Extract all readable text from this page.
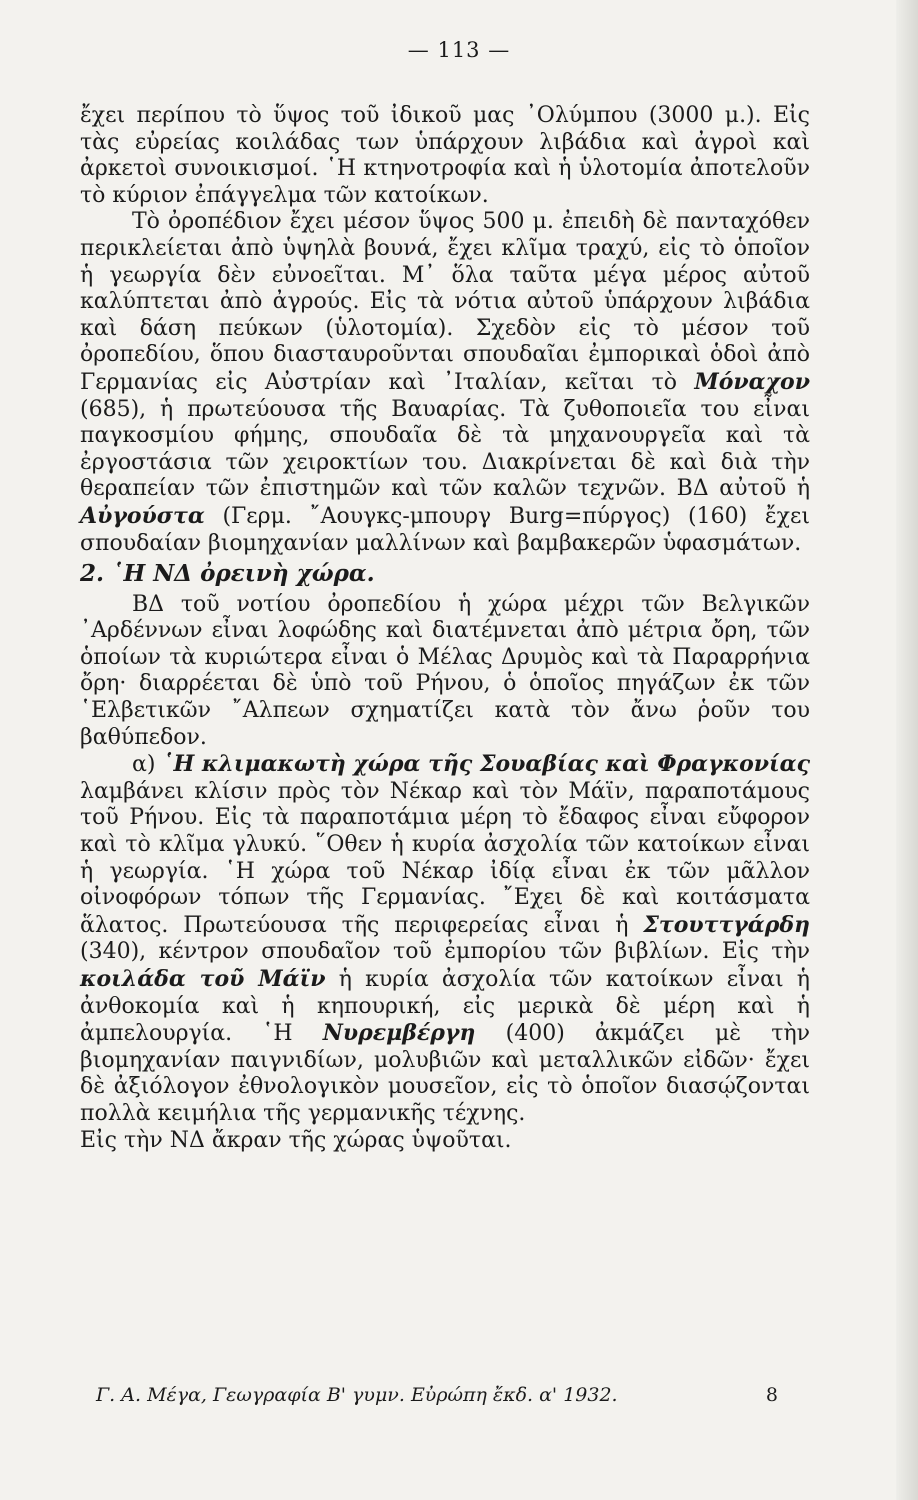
— 113 —

ἔχει περίπου τὸ ὕψος τοῦ ἰδικοῦ μας ᾿Ολύμπου (3000 μ.). Εἰς τὰς εὐρείας κοιλάδας των ὑπάρχουν λιβάδια καὶ ἀγροὶ καὶ ἀρκετοὶ συνοικισμοί. ῾Η κτηνοτροφία καὶ ἡ ὑλοτομία ἀποτελοῦν τὸ κύριον ἐπάγγελμα τῶν κατοίκων.

Τὸ ὀροπέδιον ἔχει μέσον ὕψος 500 μ. ἐπειδὴ δὲ πανταχόθεν περικλείεται ἀπὸ ὑψηλὰ βουνά, ἔχει κλῖμα τραχύ, εἰς τὸ ὁποῖον ἡ γεωργία δὲν εὐνοεῖται. Μ᾿ ὅλα ταῦτα μέγα μέρος αὐτοῦ καλύπτεται ἀπὸ ἀγρούς. Εἰς τὰ νότια αὐτοῦ ὑπάρχουν λιβάδια καὶ δάση πεύκων (ὑλοτομία). Σχεδὸν εἰς τὸ μέσον τοῦ ὀροπεδίου, ὅπου διασταυροῦνται σπουδαῖαι ἐμπορικαὶ ὁδοὶ ἀπὸ Γερμανίας εἰς Αὐστρίαν καὶ ᾿Ιταλίαν, κεῖται τὸ Μόναχον (685), ἡ πρωτεύουσα τῆς Βαυαρίας. Τὰ ζυθοποιεῖα του εἶναι παγκοσμίου φήμης, σπουδαῖα δὲ τὰ μηχανουργεῖα καὶ τὰ ἐργοστάσια τῶν χειροκτίων του. Διακρίνεται δὲ καὶ διὰ τὴν θεραπείαν τῶν ἐπιστημῶν καὶ τῶν καλῶν τεχνῶν. ΒΔ αὐτοῦ ἡ Αὐγούστα (Γερμ. ῎Αουγκς-μπουργ Burg=πύργος) (160) ἔχει σπουδαίαν βιομηχανίαν μαλλίνων καὶ βαμβακερῶν ὑφασμάτων.

2. ῾Η ΝΔ ὀρεινὴ χώρα.

ΒΔ τοῦ νοτίου ὀροπεδίου ἡ χώρα μέχρι τῶν Βελγικῶν ᾿Αρδέννων εἶναι λοφώδης καὶ διατέμνεται ἀπὸ μέτρια ὄρη, τῶν ὁποίων τὰ κυριώτερα εἶναι ὁ Μέλας Δρυμὸς καὶ τὰ Παραρρήνια ὄρη· διαρρέεται δὲ ὑπὸ τοῦ Ρήνου, ὁ ὁποῖος πηγάζων ἐκ τῶν ῾Ελβετικῶν ῎Αλπεων σχηματίζει κατὰ τὸν ἄνω ῥοῦν του βαθύπεδον.

α) ῾Η κλιμακωτὴ χώρα τῆς Σουαβίας καὶ Φραγκονίας λαμβάνει κλίσιν πρὸς τὸν Νέκαρ καὶ τὸν Μάϊν, παραποτάμους τοῦ Ρήνου. Εἰς τὰ παραποτάμια μέρη τὸ ἔδαφος εἶναι εὔφορον καὶ τὸ κλῖμα γλυκύ. ῞Οθεν ἡ κυρία ἀσχολία τῶν κατοίκων εἶναι ἡ γεωργία. ῾Η χώρα τοῦ Νέκαρ ἰδίᾳ εἶναι ἐκ τῶν μᾶλλον οἰνοφόρων τόπων τῆς Γερμανίας. ῎Εχει δὲ καὶ κοιτάσματα ἅλατος. Πρωτεύουσα τῆς περιφερείας εἶναι ἡ Στουττγάρδη (340), κέντρον σπουδαῖον τοῦ ἐμπορίου τῶν βιβλίων. Εἰς τὴν κοιλάδα τοῦ Μάϊν ἡ κυρία ἀσχολία τῶν κατοίκων εἶναι ἡ ἀνθοκομία καὶ ἡ κηπουρική, εἰς μερικὰ δὲ μέρη καὶ ἡ ἀμπελουργία. ῾Η Νυρεμβέργη (400) ἀκμάζει μὲ τὴν βιομηχανίαν παιγνιδίων, μολυβιῶν καὶ μεταλλικῶν εἰδῶν· ἔχει δὲ ἀξιόλογον ἐθνολογικὸν μουσεῖον, εἰς τὸ ὁποῖον διασῴζονται πολλὰ κειμήλια τῆς γερμανικῆς τέχνης.

Εἰς τὴν ΝΔ ἄκραν τῆς χώρας ὑψοῦται.

Γ. Α. Μέγα, Γεωγραφία Β' γυμν. Εὐρώπη ἔκδ. α' 1932.	8
